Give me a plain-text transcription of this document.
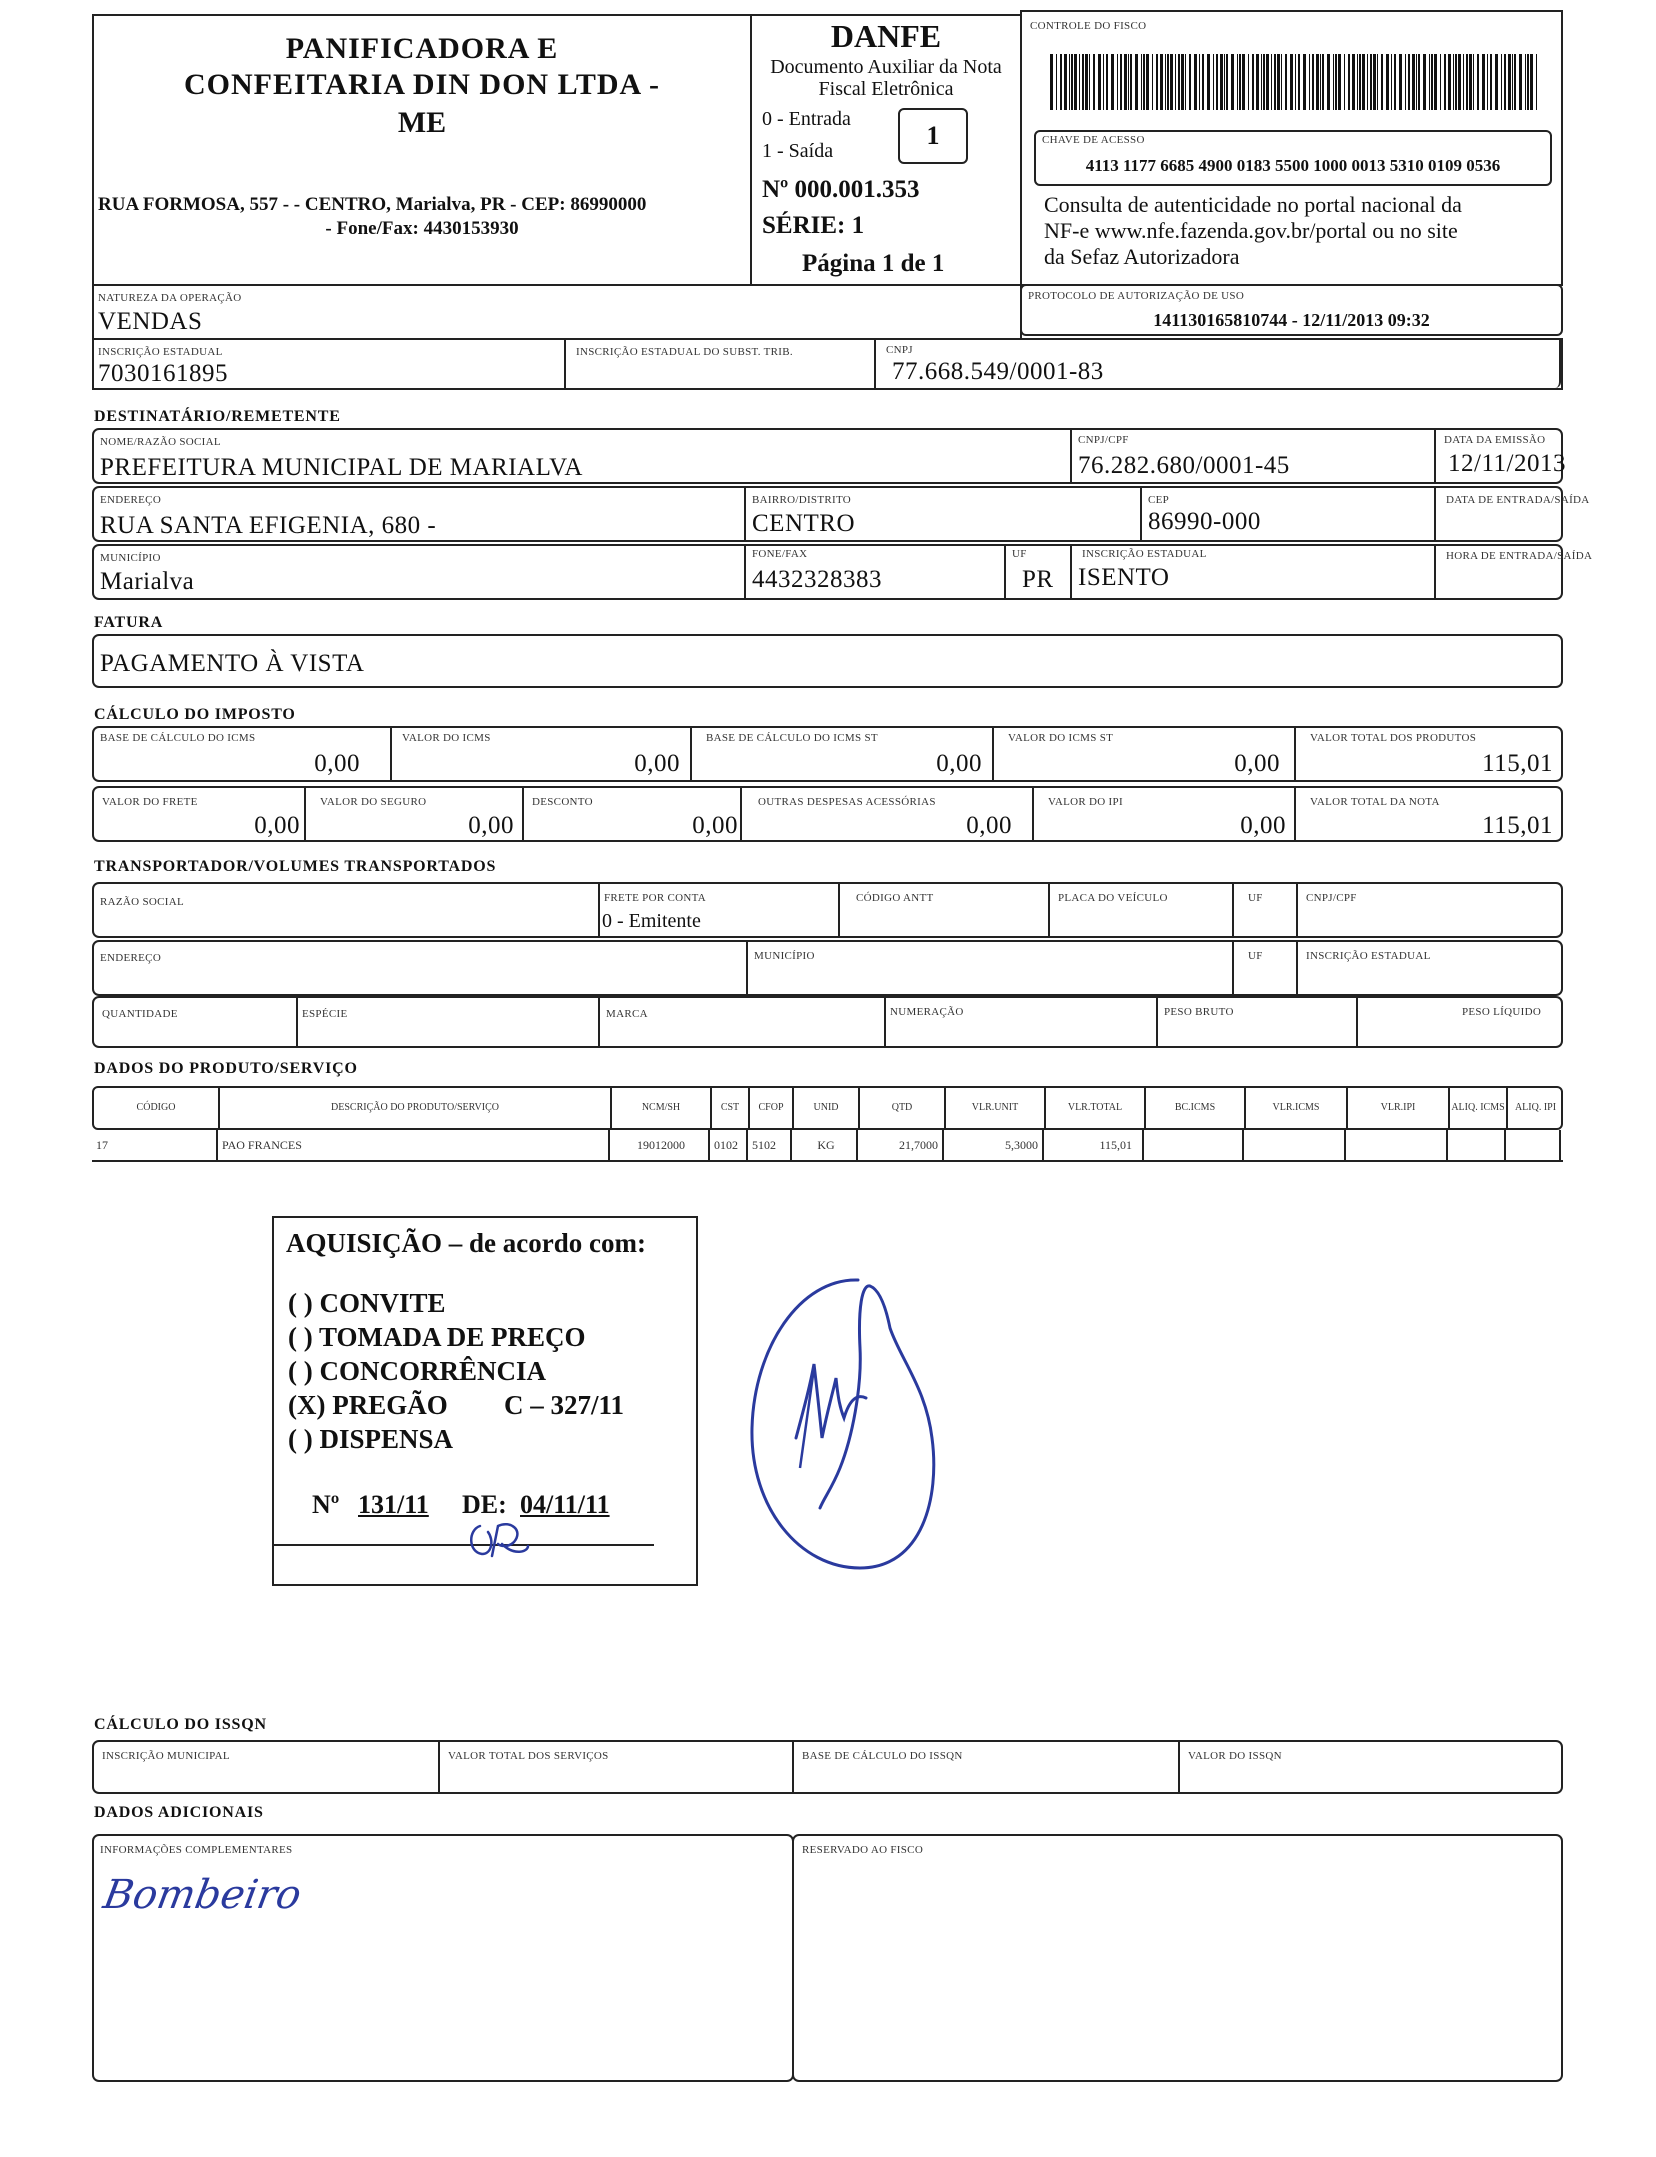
PANIFICADORA E
CONFEITARIA DIN DON LTDA -
ME
RUA FORMOSA, 557 - - CENTRO, Marialva, PR - CEP: 86990000
- Fone/Fax: 4430153930
DANFE
Documento Auxiliar da Nota
Fiscal Eletrônica
0 - Entrada
1 - Saída
1
Nº 000.001.353
SÉRIE: 1
Página 1 de 1
CONTROLE DO FISCO
CHAVE DE ACESSO
4113 1177 6685 4900 0183 5500 1000 0013 5310 0109 0536
Consulta de autenticidade no portal nacional da
NF-e www.nfe.fazenda.gov.br/portal ou no site
da Sefaz Autorizadora
NATUREZA DA OPERAÇÃO
VENDAS
PROTOCOLO DE AUTORIZAÇÃO DE USO
141130165810744 - 12/11/2013 09:32
INSCRIÇÃO ESTADUAL
7030161895
INSCRIÇÃO ESTADUAL DO SUBST. TRIB.	CNPJ
77.668.549/0001-83
DESTINATÁRIO/REMETENTE
NOME/RAZÃO SOCIAL
PREFEITURA MUNICIPAL DE MARIALVA
CNPJ/CPF
76.282.680/0001-45
DATA DA EMISSÃO
12/11/2013
ENDEREÇO
RUA SANTA EFIGENIA, 680 -
BAIRRO/DISTRITO
CENTRO
CEP
86990-000
DATA DE ENTRADA/SAÍDA
MUNICÍPIO
Marialva
FONE/FAX
4432328383
UF
PR
INSCRIÇÃO ESTADUAL
ISENTO
HORA DE ENTRADA/SAÍDA
FATURA
PAGAMENTO À VISTA
CÁLCULO DO IMPOSTO
BASE DE CÁLCULO DO ICMS
0,00
VALOR DO ICMS
0,00
BASE DE CÁLCULO DO ICMS ST
0,00
VALOR DO ICMS ST
0,00
VALOR TOTAL DOS PRODUTOS
115,01
VALOR DO FRETE
0,00
VALOR DO SEGURO
0,00
DESCONTO
0,00
OUTRAS DESPESAS ACESSÓRIAS
0,00
VALOR DO IPI
0,00
VALOR TOTAL DA NOTA
115,01
TRANSPORTADOR/VOLUMES TRANSPORTADOS
RAZÃO SOCIAL	FRETE POR CONTA
0 - Emitente
CÓDIGO ANTT	PLACA DO VEÍCULO	UF	CNPJ/CPF
ENDEREÇO	MUNICÍPIO	UF	INSCRIÇÃO ESTADUAL
QUANTIDADE	ESPÉCIE	MARCA	NUMERAÇÃO	PESO BRUTO	PESO LÍQUIDO
DADOS DO PRODUTO/SERVIÇO
CÓDIGO	DESCRIÇÃO DO PRODUTO/SERVIÇO	NCM/SH	CST	CFOP	UNID	QTD	VLR.UNIT	VLR.TOTAL	BC.ICMS	VLR.ICMS	VLR.IPI	ALIQ. ICMS	ALIQ. IPI
17	PAO FRANCES	19012000	0102	5102	KG	21,7000	5,3000	115,01
AQUISIÇÃO – de acordo com:
( ) CONVITE
( ) TOMADA DE PREÇO
( ) CONCORRÊNCIA
(X) PREGÃO C – 327/11
( ) DISPENSA
Nº 131/11 DE: 04/11/11
CÁLCULO DO ISSQN
INSCRIÇÃO MUNICIPAL	VALOR TOTAL DOS SERVIÇOS	BASE DE CÁLCULO DO ISSQN	VALOR DO ISSQN
DADOS ADICIONAIS
INFORMAÇÕES COMPLEMENTARES
Bombeiro
RESERVADO AO FISCO
